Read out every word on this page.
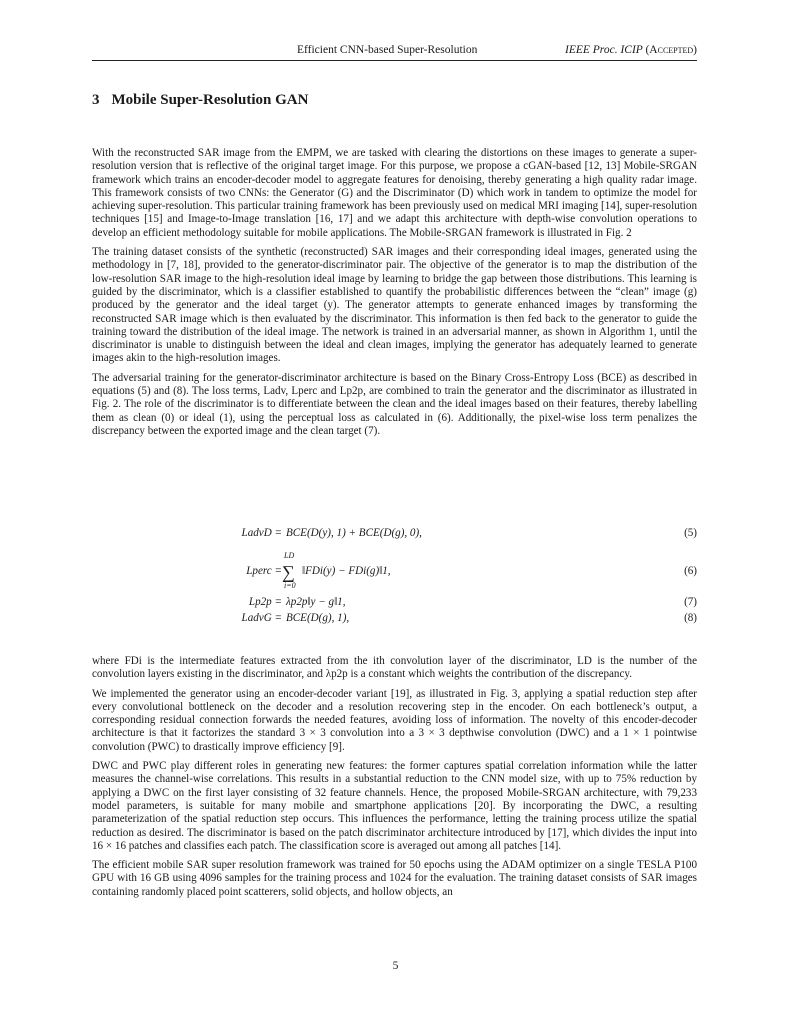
Efficient CNN-based Super-Resolution	IEEE Proc. ICIP (Accepted)
3 Mobile Super-Resolution GAN

With the reconstructed SAR image from the EMPM, we are tasked with clearing the distortions on these images to generate a super-resolution version that is reflective of the original target image. For this purpose, we propose a cGAN-based [12, 13] Mobile-SRGAN framework which trains an encoder-decoder model to aggregate features for denoising, thereby generating a high quality radar image. This framework consists of two CNNs: the Generator (G) and the Discriminator (D) which work in tandem to optimize the model for achieving super-resolution. This particular training framework has been previously used on medical MRI imaging [14], super-resolution techniques [15] and Image-to-Image translation [16, 17] and we adapt this architecture with depth-wise convolution operations to develop an efficient methodology suitable for mobile applications. The Mobile-SRGAN framework is illustrated in Fig. 2

The training dataset consists of the synthetic (reconstructed) SAR images and their corresponding ideal images, generated using the methodology in [7, 18], provided to the generator-discriminator pair. The objective of the generator is to map the distribution of the low-resolution SAR image to the high-resolution ideal image by learning to bridge the gap between those distributions. This learning is guided by the discriminator, which is a classifier established to quantify the probabilistic differences between the “clean” image (g) produced by the generator and the ideal target (y). The generator attempts to generate enhanced images by transforming the reconstructed SAR image which is then evaluated by the discriminator. This information is then fed back to the generator to guide the training toward the distribution of the ideal image. The network is trained in an adversarial manner, as shown in Algorithm 1, until the discriminator is unable to distinguish between the ideal and clean images, implying the generator has adequately learned to generate images akin to the high-resolution images.

The adversarial training for the generator-discriminator architecture is based on the Binary Cross-Entropy Loss (BCE) as described in equations (5) and (8). The loss terms, Ladv, Lperc and Lp2p, are combined to train the generator and the discriminator as illustrated in Fig. 2. The role of the discriminator is to differentiate between the clean and the ideal images based on their features, thereby labelling them as clean (0) or ideal (1), using the perceptual loss as calculated in (6). Additionally, the pixel-wise loss term penalizes the discrepancy between the exported image and the clean target (7).

LadvD = BCE(D(y), 1) + BCE(D(g), 0),	(5)
LD
∑
i=0
Lperc = ‖FDi(y) − FDi(g)‖1,	(6)
Lp2p = λp2p‖y − g‖1,	(7)
LadvG = BCE(D(g), 1),	(8)

where FDi is the intermediate features extracted from the ith convolution layer of the discriminator, LD is the number of the convolution layers existing in the discriminator, and λp2p is a constant which weights the contribution of the discrepancy.

We implemented the generator using an encoder-decoder variant [19], as illustrated in Fig. 3, applying a spatial reduction step after every convolutional bottleneck on the decoder and a resolution recovering step in the encoder. On each bottleneck’s output, a corresponding residual connection forwards the needed features, avoiding loss of information. The novelty of this encoder-decoder architecture is that it factorizes the standard 3 × 3 convolution into a 3 × 3 depthwise convolution (DWC) and a 1 × 1 pointwise convolution (PWC) to drastically improve efficiency [9].

DWC and PWC play different roles in generating new features: the former captures spatial correlation information while the latter measures the channel-wise correlations. This results in a substantial reduction to the CNN model size, with up to 75% reduction by applying a DWC on the first layer consisting of 32 feature channels. Hence, the proposed Mobile-SRGAN architecture, with 79,233 model parameters, is suitable for many mobile and smartphone applications [20]. By incorporating the DWC, a resulting parameterization of the spatial reduction step occurs. This influences the performance, letting the training process utilize the spatial reduction as desired. The discriminator is based on the patch discriminator architecture introduced by [17], which divides the input into 16 × 16 patches and classifies each patch. The classification score is averaged out among all patches [14].

The efficient mobile SAR super resolution framework was trained for 50 epochs using the ADAM optimizer on a single TESLA P100 GPU with 16 GB using 4096 samples for the training process and 1024 for the evaluation. The training dataset consists of SAR images containing randomly placed point scatterers, solid objects, and hollow objects, an

5
